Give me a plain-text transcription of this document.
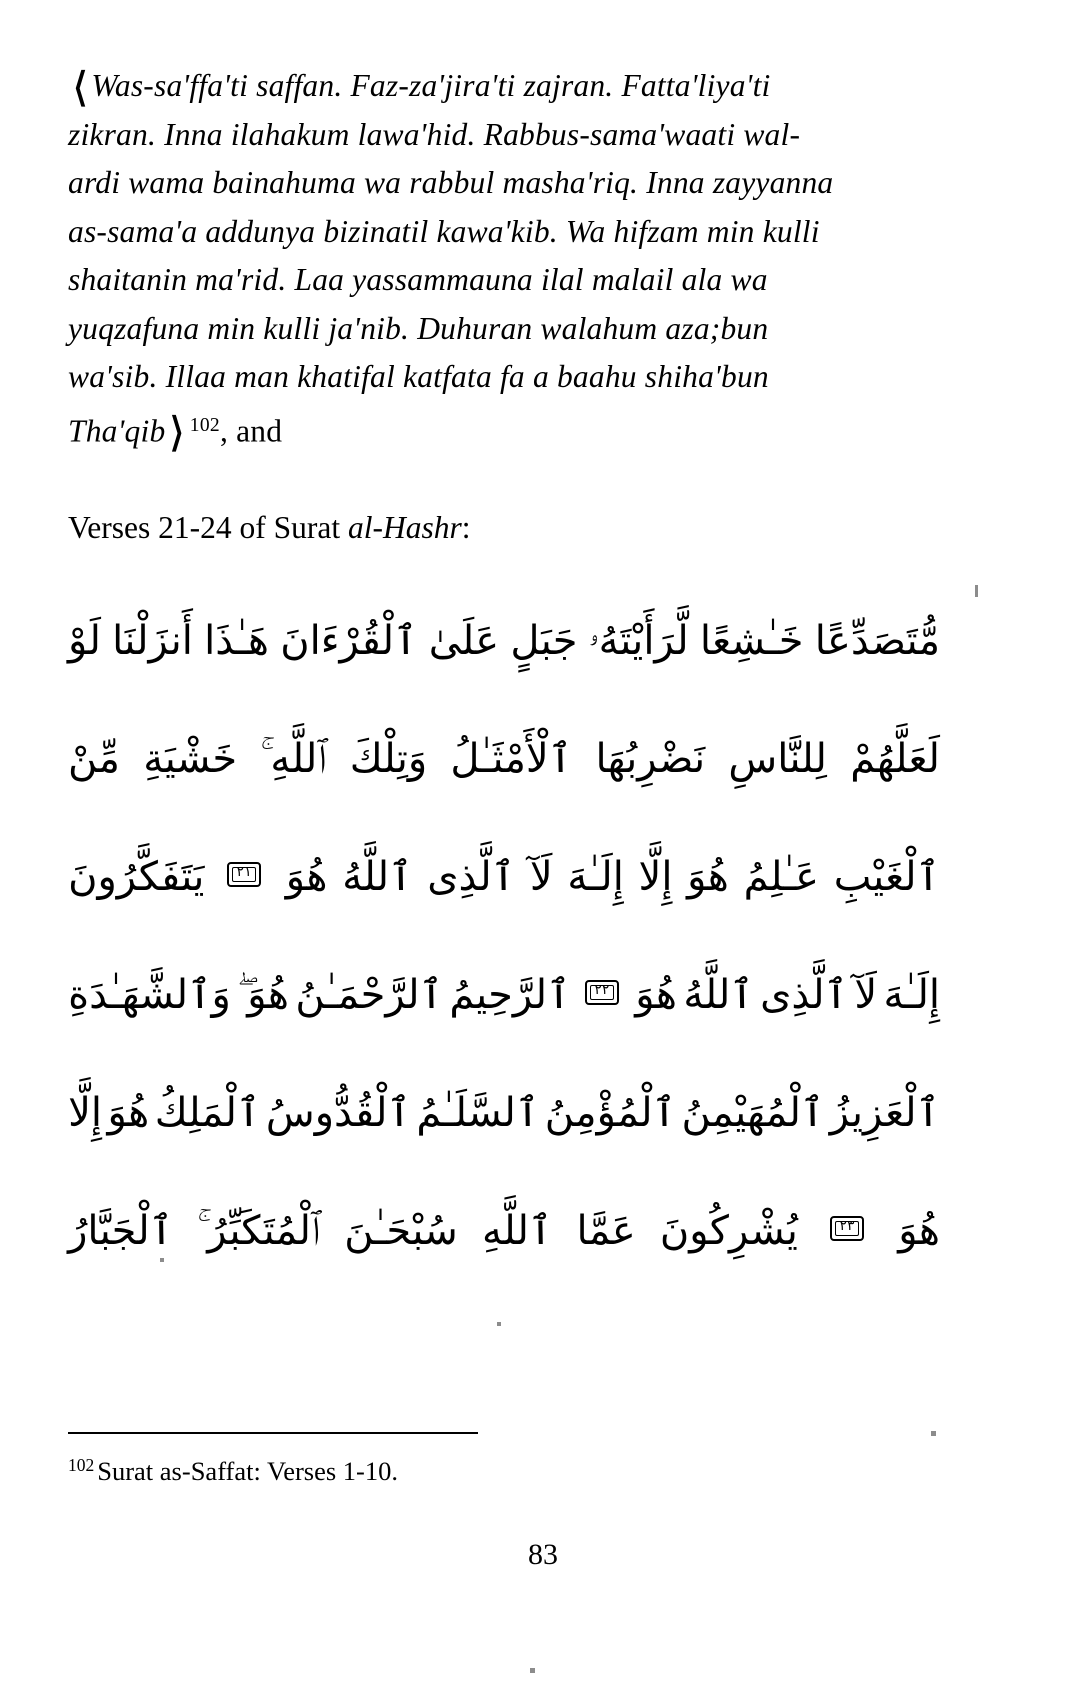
❬Was-sa'ffa'ti saffan. Faz-za'jira'ti zajran. Fatta'liya'ti

zikran. Inna ilahakum lawa'hid. Rabbus-sama'waati wal-

ardi wama bainahuma wa rabbul masha'riq. Inna zayyanna

as-sama'a addunya bizinatil kawa'kib. Wa hifzam min kulli

shaitanin ma'rid. Laa yassammauna ilal malail ala wa

yuqzafuna min kulli ja'nib. Duhuran walahum aza;bun

wa'sib. Illaa man khatifal katfata fa a baahu shiha'bun

Tha'qib❭ $^{102}$, and

Verses 21-24 of Surat al-Hashr:
مُّتَصَدِّعًا
خَـٰشِعًا
لَّرَأَيْتَهُۥ
جَبَلٍ
عَلَىٰ
ٱلْقُرْءَانَ
هَـٰذَا
أَنزَلْنَا
لَوْ
لَعَلَّهُمْ
لِلنَّاسِ
نَضْرِبُهَا
ٱلْأَمْثَـٰلُ
وَتِلْكَ
ٱللَّهِ ۚ
خَشْيَةِ
مِّنْ
ٱلْغَيْبِ
عَـٰلِمُ
هُوَ
إِلَّا
إِلَـٰهَ
لَآ
ٱلَّذِى
ٱللَّهُ
هُوَ
٢١
يَتَفَكَّرُونَ
إِلَـٰهَ
لَآ
ٱلَّذِى
ٱللَّهُ
هُوَ
٢٢
ٱلرَّحِيمُ
ٱلرَّحْمَـٰنُ
هُوَ ۖ
وَٱلشَّهَـٰدَةِ
ٱلْعَزِيزُ
ٱلْمُهَيْمِنُ
ٱلْمُؤْمِنُ
ٱلسَّلَـٰمُ
ٱلْقُدُّوسُ
ٱلْمَلِكُ
هُوَ
إِلَّا
هُوَ
٢٣
يُشْرِكُونَ
عَمَّا
ٱللَّهِ
سُبْحَـٰنَ
ٱلْمُتَكَبِّرُ ۚ
ٱلْجَبَّارُ
$^{102}$ Surat as-Saffat: Verses 1-10.
83
